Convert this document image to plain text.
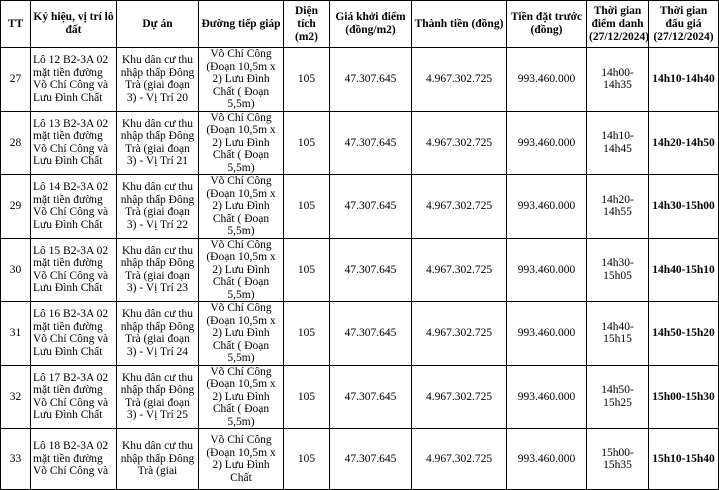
TT	Ký hiệu, vị trí lô đất	Dự án	Đường tiếp giáp	Diện tích (m2)	Giá khởi điểm (đồng/m2)	Thành tiền (đồng)	Tiền đặt trước (đồng)	Thời gian điểm danh (27/12/2024)	Thời gian đấu giá (27/12/2024)
27	Lô 12 B2-3A 02 mặt tiền đường Võ Chí Công và Lưu Đình Chất	Khu dân cư thu nhập thấp Đông Trà (giai đoạn 3) - Vị Trí 20	Võ Chí Công (Đoạn 10,5m x 2) Lưu Đình Chất ( Đoạn 5,5m)	105	47.307.645	4.967.302.725	993.460.000	14h00-14h35	14h10-14h40
28	Lô 13 B2-3A 02 mặt tiền đường Võ Chí Công và Lưu Đình Chất	Khu dân cư thu nhập thấp Đông Trà (giai đoạn 3) - Vị Trí 21	Võ Chí Công (Đoạn 10,5m x 2) Lưu Đình Chất ( Đoạn 5,5m)	105	47.307.645	4.967.302.725	993.460.000	14h10-14h45	14h20-14h50
29	Lô 14 B2-3A 02 mặt tiền đường Võ Chí Công và Lưu Đình Chất	Khu dân cư thu nhập thấp Đông Trà (giai đoạn 3) - Vị Trí 22	Võ Chí Công (Đoạn 10,5m x 2) Lưu Đình Chất ( Đoạn 5,5m)	105	47.307.645	4.967.302.725	993.460.000	14h20-14h55	14h30-15h00
30	Lô 15 B2-3A 02 mặt tiền đường Võ Chí Công và Lưu Đình Chất	Khu dân cư thu nhập thấp Đông Trà (giai đoạn 3) - Vị Trí 23	Võ Chí Công (Đoạn 10,5m x 2) Lưu Đình Chất ( Đoạn 5,5m)	105	47.307.645	4.967.302.725	993.460.000	14h30-15h05	14h40-15h10
31	Lô 16 B2-3A 02 mặt tiền đường Võ Chí Công và Lưu Đình Chất	Khu dân cư thu nhập thấp Đông Trà (giai đoạn 3) - Vị Trí 24	Võ Chí Công (Đoạn 10,5m x 2) Lưu Đình Chất ( Đoạn 5,5m)	105	47.307.645	4.967.302.725	993.460.000	14h40-15h15	14h50-15h20
32	Lô 17 B2-3A 02 mặt tiền đường Võ Chí Công và Lưu Đình Chất	Khu dân cư thu nhập thấp Đông Trà (giai đoạn 3) - Vị Trí 25	Võ Chí Công (Đoạn 10,5m x 2) Lưu Đình Chất ( Đoạn 5,5m)	105	47.307.645	4.967.302.725	993.460.000	14h50-15h25	15h00-15h30
33	Lô 18 B2-3A 02 mặt tiền đường Võ Chí Công và	Khu dân cư thu nhập thấp Đông Trà (giai	Võ Chí Công (Đoạn 10,5m x 2) Lưu Đình Chất	105	47.307.645	4.967.302.725	993.460.000	15h00-15h35	15h10-15h40
